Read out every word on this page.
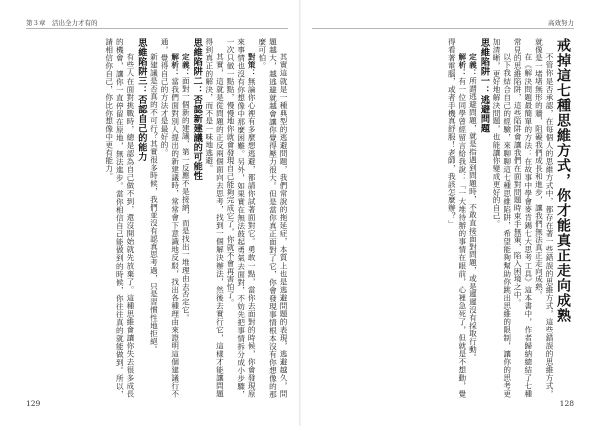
第３章　活出全力才有的

其實這就是一種典型的逃避問題，我們常說的拖延症，本質上也是逃避問題的表現，逃避越久，問題越大，越逃避就越會讓你覺得壓力很大。但是當你真正面對了它，你會發現事情根本沒有你想像的那麼可怕。

對策：無論你心裡有多麼想逃避，都請你試著面對它。勇敢一點，當你去面對的時候，你會發現原來事情也沒有你想像中那麼困難。另外，如果實在無法鼓起勇氣去面對，不妨先把事情拆分成小步驟，一次只做一點點，慢慢地你就會發現自己能夠完成它了，你就不會再害怕了。

其實，這就是從問題的正反兩個面向去思考，找到一個解決辦法，然後去實行它，這樣才能讓問題得到真正的解決，而不是一味地逃避。

思維陷阱二：否認新建議的可能性

定義：面對一個新的建議，第一反應不是接納，而是找出一堆理由去否定它。

解析：當我們面對別人提出的新建議時，常常會下意識地反駁，找出各種理由來證明這個建議行不通，覺得自己的方法才是最好的。

新建議是否真的不可行？其實很多時候，我們並沒有認真思考過，只是習慣性地拒絕。

思維陷阱三：否認自己的能力

有些人在面對挑戰時，總是認為自己做不到，還沒開始就先放棄了。這種思維會讓你失去很多成長的機會，讓你一直停留在原地，無法進步。當你相信自己能做到的時候，你往往真的就能做到。所以，請相信你自己，你比你想像中更有能力。

129
高效努力

戒掉這七種思維方式，你才能真正走向成熟

不管你是否承認，在每個人的思維方式中，都存在著一些錯誤的思維方式，這些錯誤的思維方式，就像是一堵堵無形的牆，阻礙我們成長和進步，讓我們無法真正走向成熟。

在《解決問題最簡單的方法：在故事中學會麥肯錫七大思考工具》這本書中，作者歸納總結了七種常見的思維陷阱，這些陷阱會讓我們在面對問題時束手無策，陷入困境之中。

以下我結合自己的經驗，來聊聊這七種思維陷阱，希望能夠幫助你跳出思維的限制，讓你的思考更加清晰，更好地解決問題，也能讓你變成更好的自己。

思維陷阱一：逃避問題

定義：所謂逃避問題，就是指遇到問題時，不敢直接面對問題，或是遲遲沒有採取行動。

解析：有一位同學曾經留言給我說：「一大堆待辦的事情在眼前，心裡急死了，但就是不想動，覺得看著電腦，或者手機真舒服！老師，我該怎麼辦？」

128
